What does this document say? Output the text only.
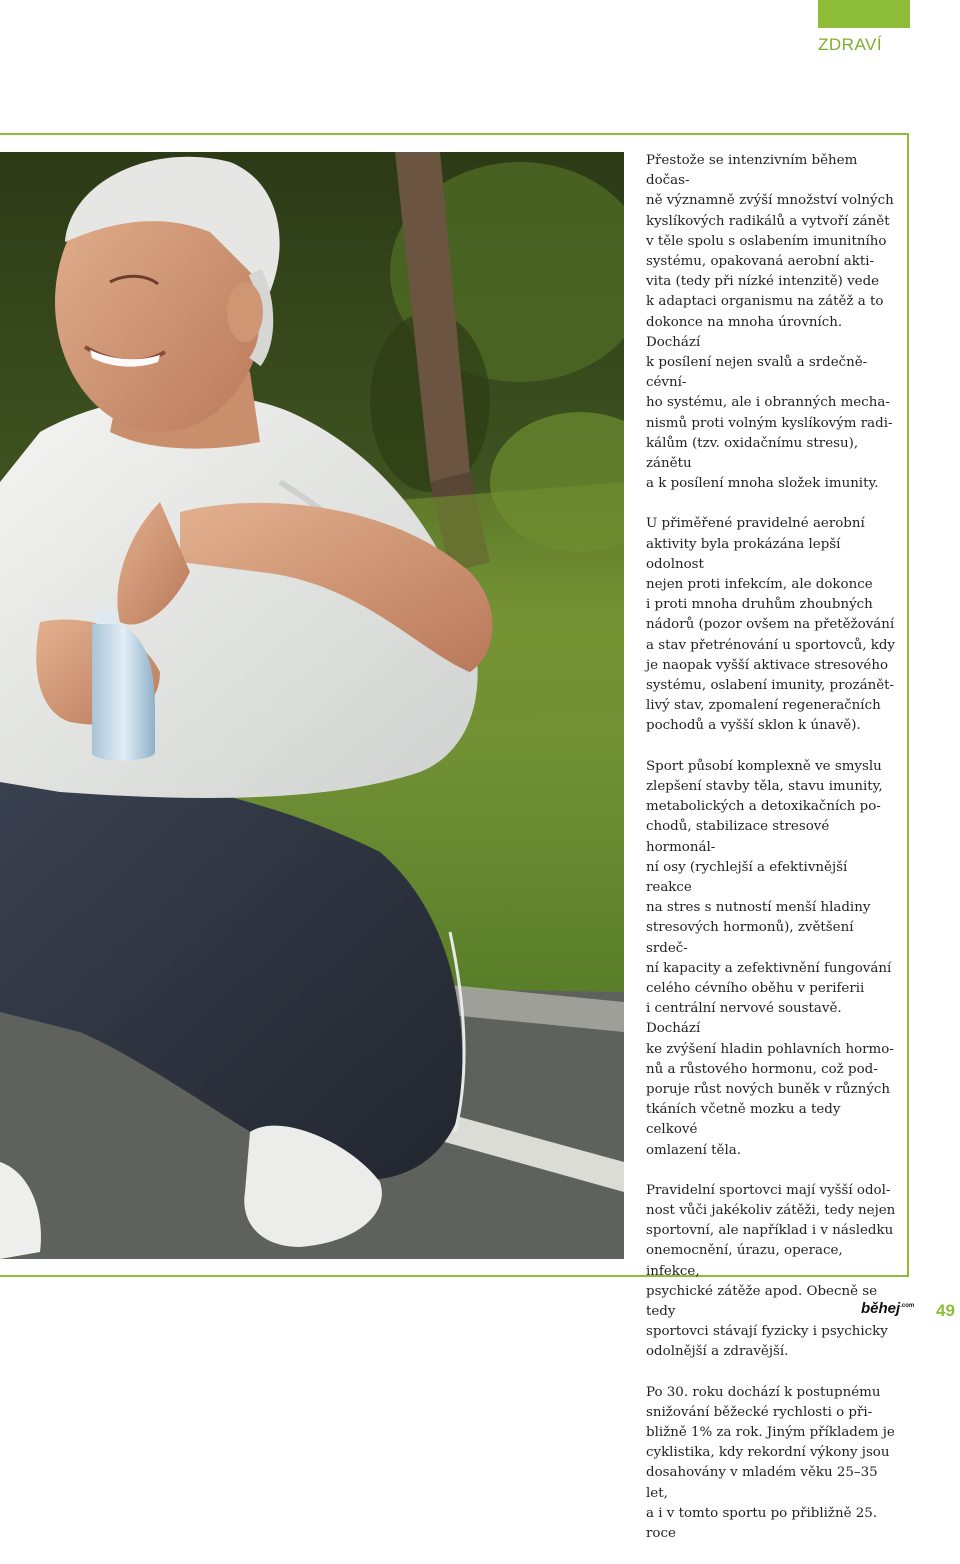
ZDRAVÍ

Přestože se intenzivním během dočas-
ně významně zvýší množství volných
kyslíkových radikálů a vytvoří zánět
v těle spolu s oslabením imunitního
systému, opakovaná aerobní akti-
vita (tedy při nízké intenzitě) vede
k adaptaci organismu na zátěž a to
dokonce na mnoha úrovních. Dochází
k posílení nejen svalů a srdečně-cévní-
ho systému, ale i obranných mecha-
nismů proti volným kyslíkovým radi-
kálům (tzv. oxidačnímu stresu), zánětu
a k posílení mnoha složek imunity.

U přiměřené pravidelné aerobní
aktivity byla prokázána lepší odolnost
nejen proti infekcím, ale dokonce
i proti mnoha druhům zhoubných
nádorů (pozor ovšem na přetěžování
a stav přetrénování u sportovců, kdy
je naopak vyšší aktivace stresového
systému, oslabení imunity, prozánět-
livý stav, zpomalení regeneračních
pochodů a vyšší sklon k únavě).

Sport působí komplexně ve smyslu
zlepšení stavby těla, stavu imunity,
metabolických a detoxikačních po-
chodů, stabilizace stresové hormonál-
ní osy (rychlejší a efektivnější reakce
na stres s nutností menší hladiny
stresových hormonů), zvětšení srdeč-
ní kapacity a zefektivnění fungování
celého cévního oběhu v periferii
i centrální nervové soustavě. Dochází
ke zvýšení hladin pohlavních hormo-
nů a růstového hormonu, což pod-
poruje růst nových buněk v různých
tkáních včetně mozku a tedy celkové
omlazení těla.

Pravidelní sportovci mají vyšší odol-
nost vůči jakékoliv zátěži, tedy nejen
sportovní, ale například i v následku
onemocnění, úrazu, operace, infekce,
psychické zátěže apod. Obecně se tedy
sportovci stávají fyzicky i psychicky
odolnější a zdravější.

Po 30. roku dochází k postupnému
snižování běžecké rychlosti o při-
bližně 1% za rok. Jiným příkladem je
cyklistika, kdy rekordní výkony jsou
dosahovány v mladém věku 25–35 let,
a i v tomto sportu po přibližně 25. roce

běhej$^{.com}$ 49
